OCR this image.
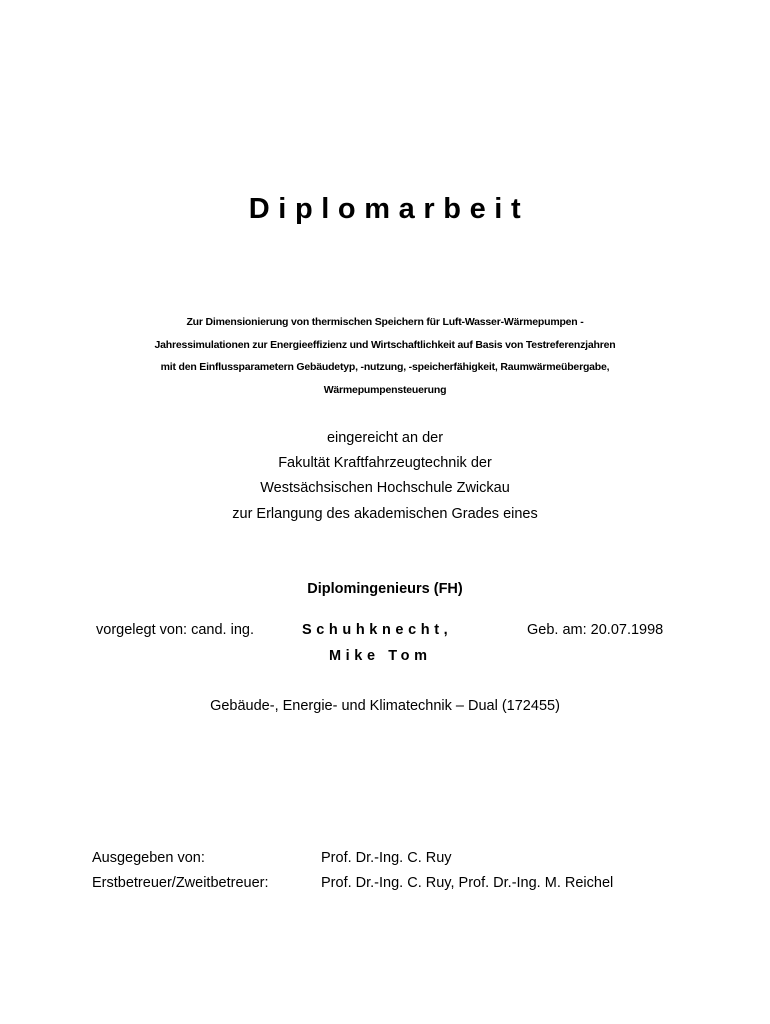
Diplomarbeit
Zur Dimensionierung von thermischen Speichern für Luft-Wasser-Wärmepumpen -
Jahressimulationen zur Energieeffizienz und Wirtschaftlichkeit auf Basis von Testreferenzjahren
mit den Einflussparametern Gebäudetyp, -nutzung, -speicherfähigkeit, Raumwärmeübergabe,
Wärmepumpensteuerung
eingereicht an der
Fakultät Kraftfahrzeugtechnik der
Westsächsischen Hochschule Zwickau
zur Erlangung des akademischen Grades eines
Diplomingenieurs (FH)
vorgelegt von: cand. ing.	Schuhknecht,	Geb. am: 20.07.1998
Mike Tom
Gebäude-, Energie- und Klimatechnik – Dual (172455)
Ausgegeben von:	Prof. Dr.-Ing. C. Ruy
Erstbetreuer/Zweitbetreuer:	Prof. Dr.-Ing. C. Ruy, Prof. Dr.-Ing. M. Reichel
